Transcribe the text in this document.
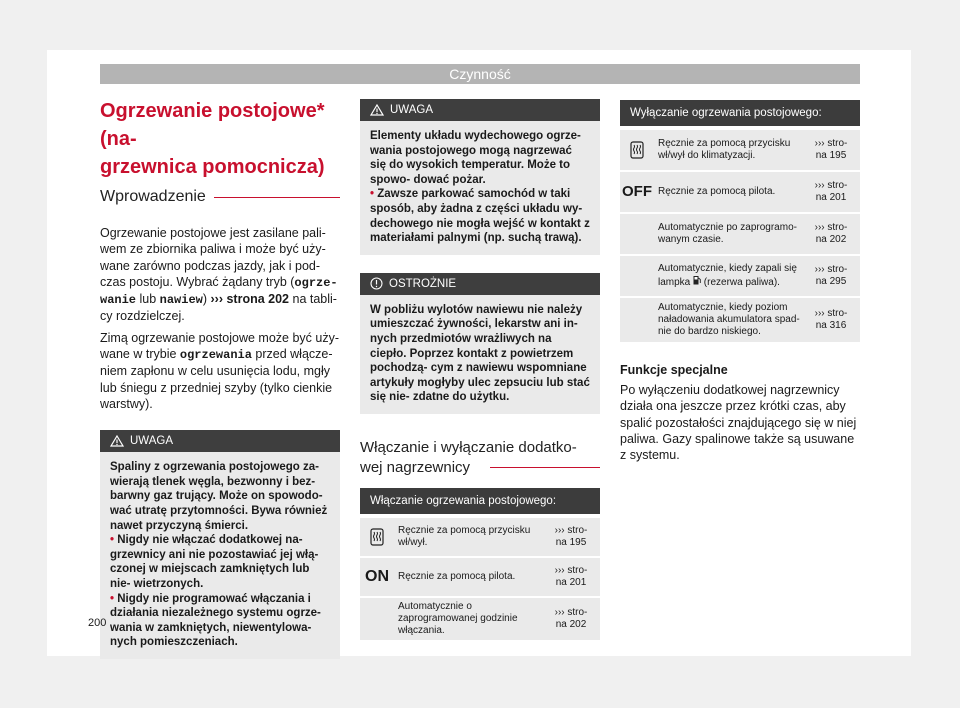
Czynność
Ogrzewanie postojowe* (na-
grzewnica pomocnicza)
Wprowadzenie

Ogrzewanie postojowe jest zasilane pali-

wem ze zbiornika paliwa i może być uży-

wane zarówno podczas jazdy, jak i pod-

czas postoju. Wybrać żądany tryb (ogrze-

wanie lub nawiew) ››› strona 202 na tabli-

cy rozdzielczej.

Zimą ogrzewanie postojowe może być uży-

wane w trybie ogrzewania przed włącze-

niem zapłonu w celu usunięcia lodu, mgły

lub śniegu z przedniej szyby (tylko cienkie

warstwy).

UWAGA

Spaliny z ogrzewania postojowego za- wierają tlenek węgla, bezwonny i bez- barwny gaz trujący. Może on spowodo- wać utratę przytomności. Bywa również nawet przyczyną śmierci.

• Nigdy nie włączać dodatkowej na- grzewnicy ani nie pozostawiać jej włą- czonej w miejscach zamkniętych lub nie- wietrzonych.

• Nigdy nie programować włączania i działania niezależnego systemu ogrze- wania w zamkniętych, niewentylowa- nych pomieszczeniach.

UWAGA

Elementy układu wydechowego ogrze- wania postojowego mogą nagrzewać się do wysokich temperatur. Może to spowo- dować pożar.

• Zawsze parkować samochód w taki sposób, aby żadna z części układu wy- dechowego nie mogła wejść w kontakt z materiałami palnymi (np. suchą trawą).

OSTROŻNIE

W pobliżu wylotów nawiewu nie należy umieszczać żywności, lekarstw ani in- nych przedmiotów wrażliwych na ciepło. Poprzez kontakt z powietrzem pochodzą- cym z nawiewu wspomniane artykuły mogłyby ulec zepsuciu lub stać się nie- zdatne do użytku.

Włączanie i wyłączanie dodatko-
wej nagrzewnicy
Włączanie ogrzewania postojowego:
Ręcznie za pomocą przycisku wł/wył.
››› stro-
na 195
ON Ręcznie za pomocą pilota.
››› stro-
na 201
Automatycznie o zaprogramowanej godzinie włączania.
››› stro-
na 202
Wyłączanie ogrzewania postojowego:
Ręcznie za pomocą przycisku wł/wył do klimatyzacji.
››› stro-
na 195
OFF Ręcznie za pomocą pilota.
››› stro-
na 201
Automatycznie po zaprogramo- wanym czasie.
››› stro-
na 202
Automatycznie, kiedy zapali się lampka  (rezerwa paliwa).
››› stro-
na 295
Automatycznie, kiedy poziom naładowania akumulatora spad- nie do bardzo niskiego.
››› stro-
na 316
Funkcje specjalne

Po wyłączeniu dodatkowej nagrzewnicy działa ona jeszcze przez krótki czas, aby spalić pozostałości znajdującego się w niej paliwa. Gazy spalinowe także są usuwane z systemu.

200
